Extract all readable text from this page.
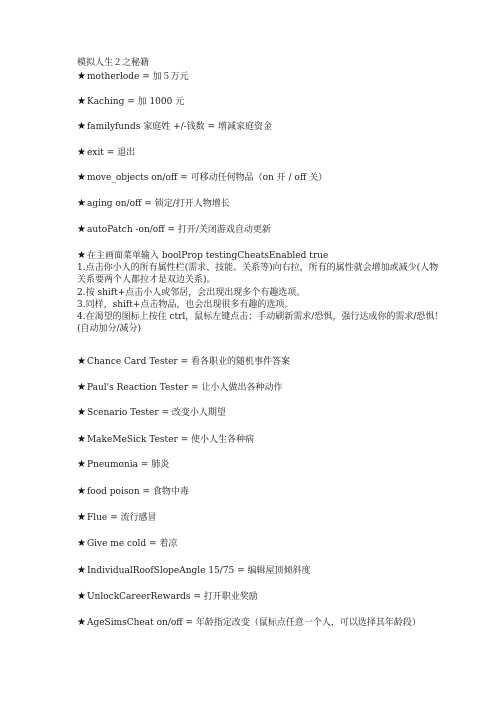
模拟人生２之秘籍
★motherlode = 加５万元
★Kaching = 加 1000 元
★familyfunds 家庭姓 +/-钱数 = 增减家庭资金
★exit = 退出
★move_objects on/off = 可移动任何物品（on 开 / off 关）
★aging on/off = 锁定/打开人物增长
★autoPatch -on/off = 打开/关闭游戏自动更新
★在主画面菜单输入 boolProp testingCheatsEnabled true
1.点击你小人的所有属性栏(需求、技能、关系等)向右拉，所有的属性就会增加或减少(人物
关系要两个人都拉才是双边关系)。
2.按 shift+点击小人或邻居，会出现出现多个有趣选项。
3.同样，shift+点击物品，也会出现很多有趣的选项。
4.在渴望的图标上按住 ctrl，鼠标左键点击；手动刷新需求/恐惧，强行达成你的需求/恐惧！
(自动加分/减分)
★Chance Card Tester = 看各职业的随机事件答案
★Paul's Reaction Tester = 让小人做出各种动作
★Scenario Tester = 改变小人期望
★MakeMeSick Tester = 使小人生各种病
★Pneumonia = 肺炎
★food poison = 食物中毒
★Flue = 流行感冒
★Give me cold = 着凉
★IndividualRoofSlopeAngle 15/75 = 编辑屋顶倾斜度
★UnlockCareerRewards = 打开职业奖励
★AgeSimsCheat on/off = 年龄指定改变（鼠标点任意一个人，可以选择其年龄段）
